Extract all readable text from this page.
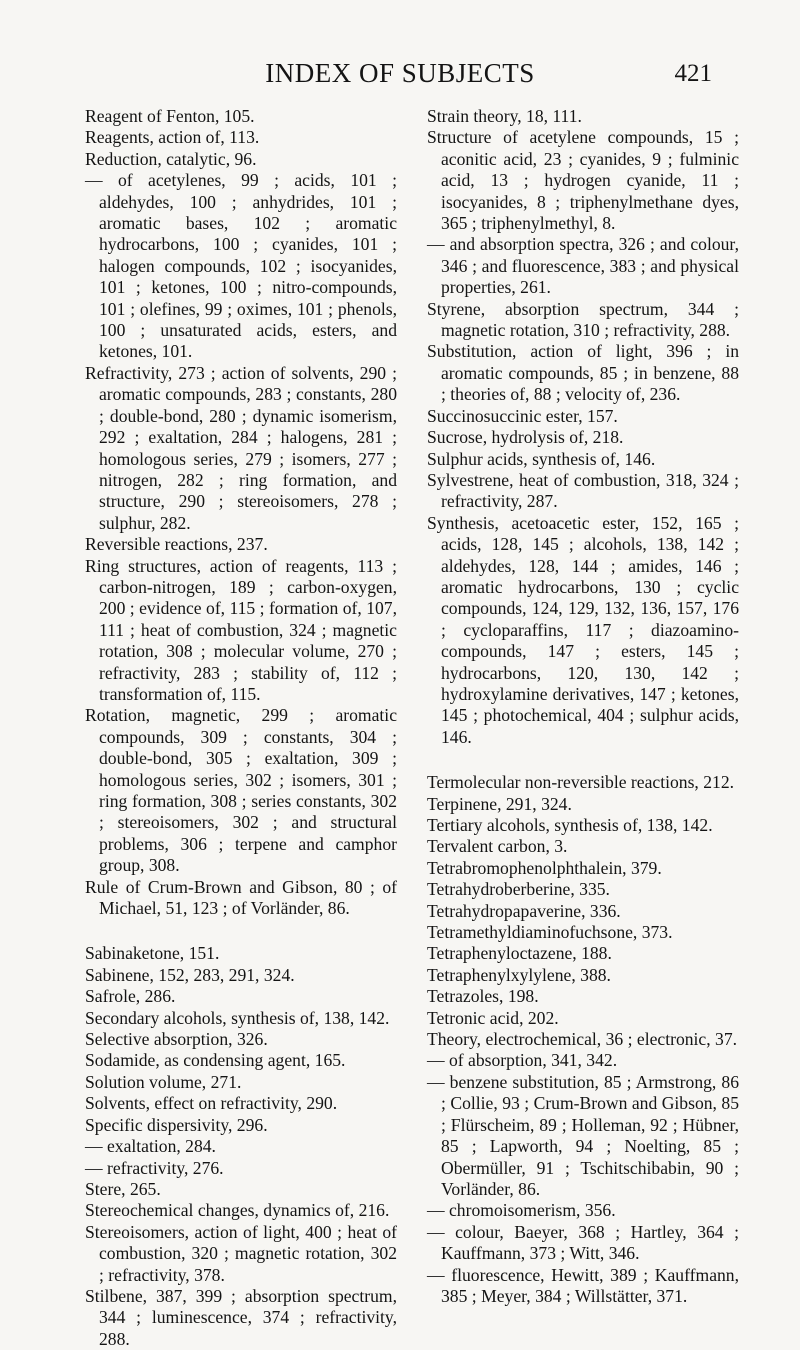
INDEX OF SUBJECTS	421

Reagent of Fenton, 105.

Reagents, action of, 113.

Reduction, catalytic, 96.

— of acetylenes, 99 ; acids, 101 ; aldehydes, 100 ; anhydrides, 101 ; aromatic bases, 102 ; aromatic hydrocarbons, 100 ; cyanides, 101 ; halogen compounds, 102 ; isocyanides, 101 ; ketones, 100 ; nitro-compounds, 101 ; olefines, 99 ; oximes, 101 ; phenols, 100 ; unsaturated acids, esters, and ketones, 101.

Refractivity, 273 ; action of solvents, 290 ; aromatic compounds, 283 ; constants, 280 ; double-bond, 280 ; dynamic isomerism, 292 ; exaltation, 284 ; halogens, 281 ; homologous series, 279 ; isomers, 277 ; nitrogen, 282 ; ring formation, and structure, 290 ; stereoisomers, 278 ; sulphur, 282.

Reversible reactions, 237.

Ring structures, action of reagents, 113 ; carbon-nitrogen, 189 ; carbon-oxygen, 200 ; evidence of, 115 ; formation of, 107, 111 ; heat of combustion, 324 ; magnetic rotation, 308 ; molecular volume, 270 ; refractivity, 283 ; stability of, 112 ; transformation of, 115.

Rotation, magnetic, 299 ; aromatic compounds, 309 ; constants, 304 ; double-bond, 305 ; exaltation, 309 ; homologous series, 302 ; isomers, 301 ; ring formation, 308 ; series constants, 302 ; stereoisomers, 302 ; and structural problems, 306 ; terpene and camphor group, 308.

Rule of Crum-Brown and Gibson, 80 ; of Michael, 51, 123 ; of Vorländer, 86.

Sabinaketone, 151.

Sabinene, 152, 283, 291, 324.

Safrole, 286.

Secondary alcohols, synthesis of, 138, 142.

Selective absorption, 326.

Sodamide, as condensing agent, 165.

Solution volume, 271.

Solvents, effect on refractivity, 290.

Specific dispersivity, 296.

— exaltation, 284.

— refractivity, 276.

Stere, 265.

Stereochemical changes, dynamics of, 216.

Stereoisomers, action of light, 400 ; heat of combustion, 320 ; magnetic rotation, 302 ; refractivity, 378.

Stilbene, 387, 399 ; absorption spectrum, 344 ; luminescence, 374 ; refractivity, 288.

Strain theory, 18, 111.

Structure of acetylene compounds, 15 ; aconitic acid, 23 ; cyanides, 9 ; fulminic acid, 13 ; hydrogen cyanide, 11 ; isocyanides, 8 ; triphenylmethane dyes, 365 ; triphenylmethyl, 8.

— and absorption spectra, 326 ; and colour, 346 ; and fluorescence, 383 ; and physical properties, 261.

Styrene, absorption spectrum, 344 ; magnetic rotation, 310 ; refractivity, 288.

Substitution, action of light, 396 ; in aromatic compounds, 85 ; in benzene, 88 ; theories of, 88 ; velocity of, 236.

Succinosuccinic ester, 157.

Sucrose, hydrolysis of, 218.

Sulphur acids, synthesis of, 146.

Sylvestrene, heat of combustion, 318, 324 ; refractivity, 287.

Synthesis, acetoacetic ester, 152, 165 ; acids, 128, 145 ; alcohols, 138, 142 ; aldehydes, 128, 144 ; amides, 146 ; aromatic hydrocarbons, 130 ; cyclic compounds, 124, 129, 132, 136, 157, 176 ; cycloparaffins, 117 ; diazoamino-compounds, 147 ; esters, 145 ; hydrocarbons, 120, 130, 142 ; hydroxylamine derivatives, 147 ; ketones, 145 ; photochemical, 404 ; sulphur acids, 146.

Termolecular non-reversible reactions, 212.

Terpinene, 291, 324.

Tertiary alcohols, synthesis of, 138, 142.

Tervalent carbon, 3.

Tetrabromophenolphthalein, 379.

Tetrahydroberberine, 335.

Tetrahydropapaverine, 336.

Tetramethyldiaminofuchsone, 373.

Tetraphenyloctazene, 188.

Tetraphenylxylylene, 388.

Tetrazoles, 198.

Tetronic acid, 202.

Theory, electrochemical, 36 ; electronic, 37.

— of absorption, 341, 342.

— benzene substitution, 85 ; Armstrong, 86 ; Collie, 93 ; Crum-Brown and Gibson, 85 ; Flürscheim, 89 ; Holleman, 92 ; Hübner, 85 ; Lapworth, 94 ; Noelting, 85 ; Obermüller, 91 ; Tschitschibabin, 90 ; Vorländer, 86.

— chromoisomerism, 356.

— colour, Baeyer, 368 ; Hartley, 364 ; Kauffmann, 373 ; Witt, 346.

— fluorescence, Hewitt, 389 ; Kauffmann, 385 ; Meyer, 384 ; Willstätter, 371.
